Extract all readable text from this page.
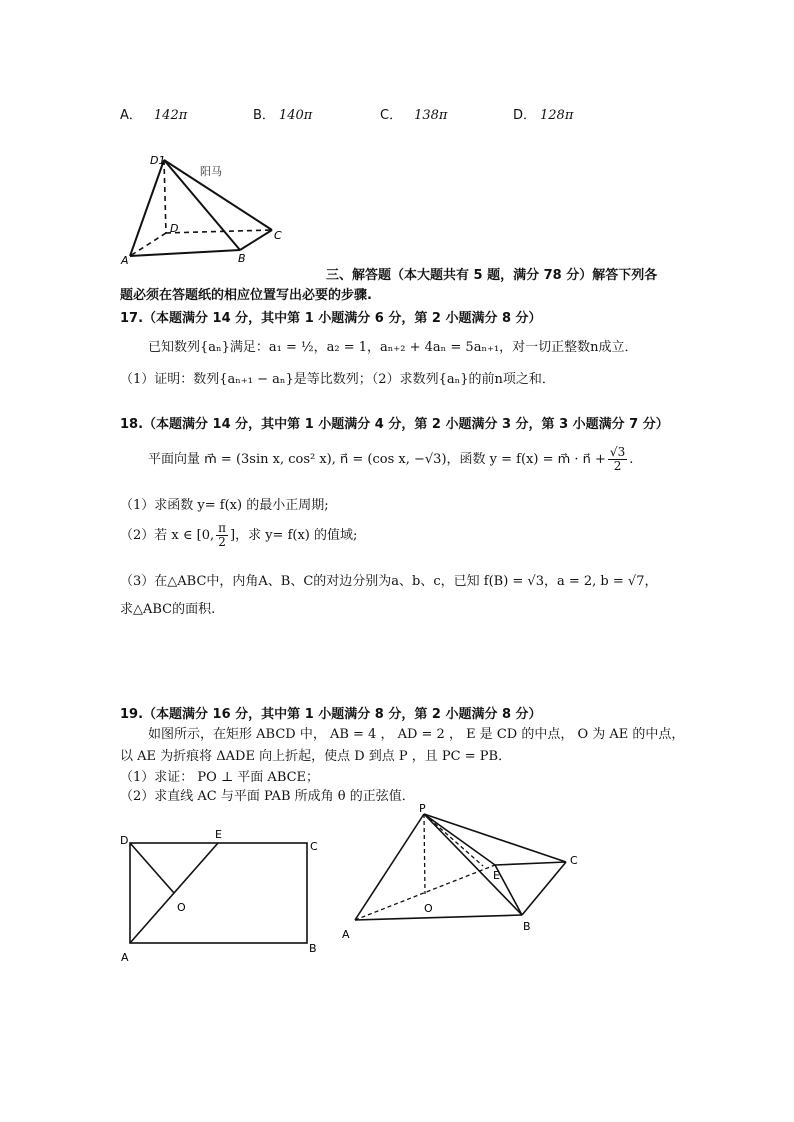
A． 142π	B． 140π	C． 138π	D． 128π
D1
阳马
D
A	B
C
三、解答题（本大题共有 5 题，满分 78 分）解答下列各
题必须在答题纸的相应位置写出必要的步骤.
17.（本题满分 14 分，其中第 1 小题满分 6 分，第 2 小题满分 8 分）
已知数列{aₙ}满足：a₁ = ½，a₂ = 1，aₙ₊₂ + 4aₙ = 5aₙ₊₁，对一切正整数n成立．
（1）证明：数列{aₙ₊₁ − aₙ}是等比数列；（2）求数列{aₙ}的前n项之和．
18.（本题满分 14 分，其中第 1 小题满分 4 分，第 2 小题满分 3 分，第 3 小题满分 7 分）
平面向量 m⃗ = (3sin x, cos² x), n⃗ = (cos x, −√3)，函数 y = f(x) = m⃗ · n⃗ + $\frac{√3}{2}$ .
（1）求函数 y= f(x) 的最小正周期;
（2）若 x ∈ [0, $\frac{\pi}{2}$ ]，求 y= f(x) 的值域;
（3）在△ABC中，内角A、B、C的对边分别为a、b、c，已知 f(B) = √3，a = 2, b = √7，
求△ABC的面积.
19.（本题满分 16 分，其中第 1 小题满分 8 分，第 2 小题满分 8 分）
如图所示，在矩形 ABCD 中， AB = 4 ， AD = 2 ， E 是 CD 的中点， O 为 AE 的中点，
以 AE 为折痕将 ΔADE 向上折起，使点 D 到点 P ，且 PC = PB．
（1）求证： PO ⊥ 平面 ABCE；
（2）求直线 AC 与平面 PAB 所成角 θ 的正弦值．
D	E
C
O
A
B
P
E
C
O
A
B
